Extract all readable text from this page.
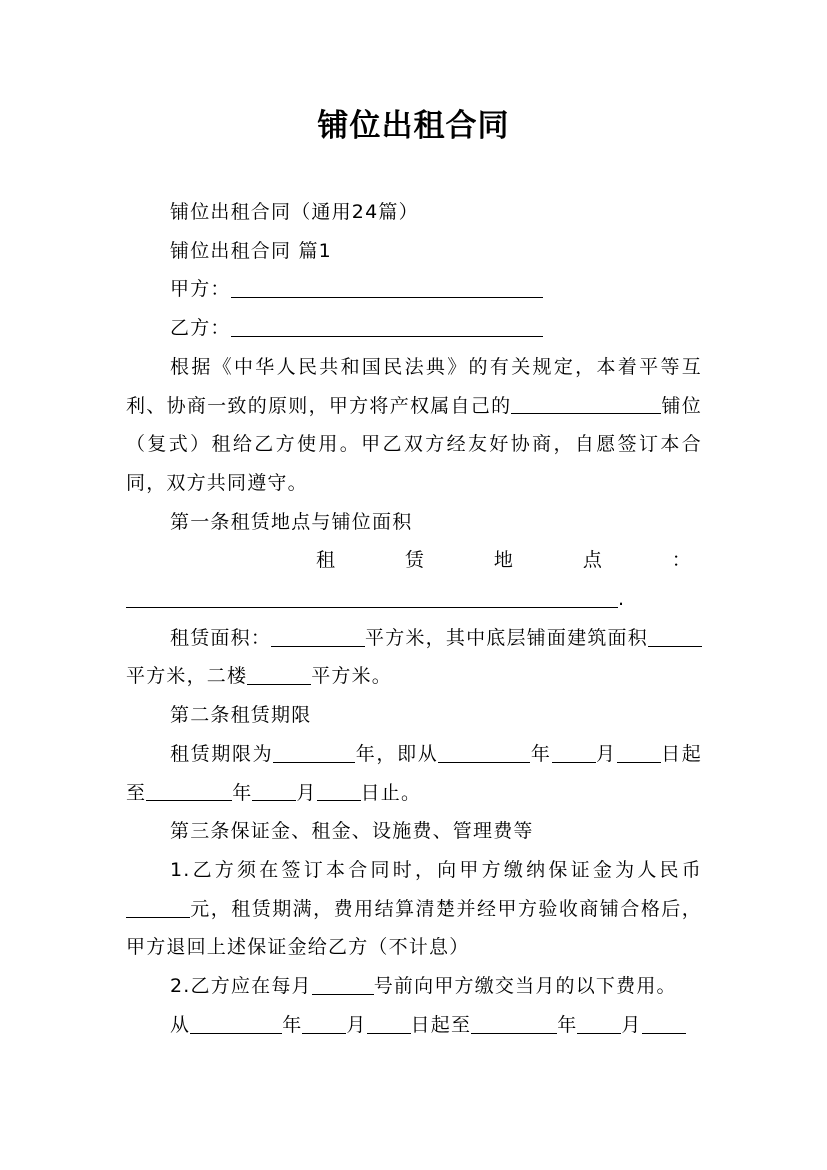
铺位出租合同

铺位出租合同（通用24篇）

铺位出租合同 篇1

甲方：

乙方：

根据《中华人民共和国民法典》的有关规定，本着平等互利、协商一致的原则，甲方将产权属自己的	铺位（复式）租给乙方使用。甲乙双方经友好协商，自愿签订本合同，双方共同遵守。

第一条租赁地点与铺位面积

租	赁	地	点	：

.

租赁面积：	平方米，其中底层铺面建筑面积平方米，二楼	平方米。

第二条租赁期限

租赁期限为	年，即从	年 月 日起至	年 月 日止。

第三条保证金、租金、设施费、管理费等

1.乙方须在签订本合同时，向甲方缴纳保证金为人民币元，租赁期满，费用结算清楚并经甲方验收商铺合格后，甲方退回上述保证金给乙方（不计息）

2.乙方应在每月	号前向甲方缴交当月的以下费用。

从	年 月 日起至	年 月
